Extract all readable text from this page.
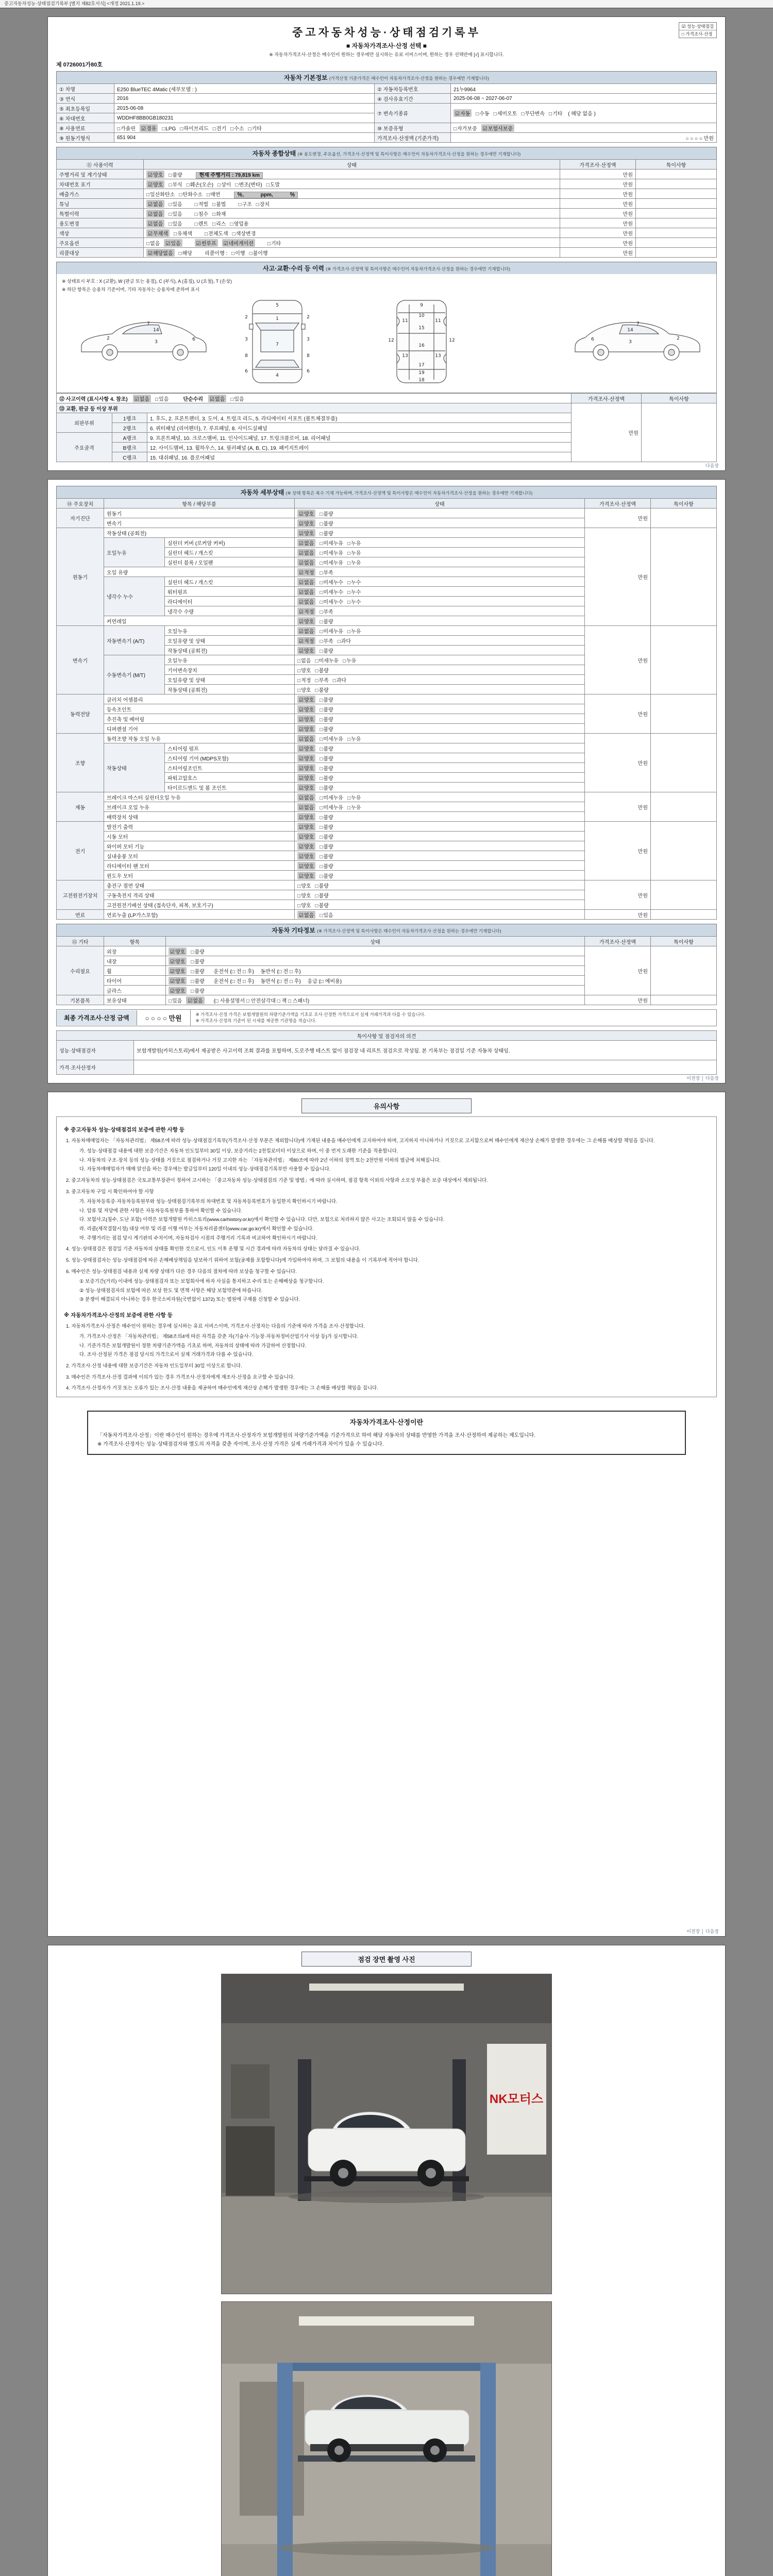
중고자동차성능·상태점검기록부 [별지 제82호서식] <개정 2021.1.19.>
☑ 성능·상태점검
□ 가격조사·산정
중고자동차성능·상태점검기록부
■ 자동차가격조사·산정 선택 ■
※ 자동차가격조사·산정은 매수인이 원하는 경우에만 실시하는 유료 서비스이며, 원하는 경우 선택란에 [√] 표시합니다.
제 0726001가80호
자동차 기본정보 (가격산정 기준가격은 매수인이 자동차가격조사·산정을 원하는 경우에만 기재합니다)
① 차명	E250 BlueTEC 4Matic (세부모델 : )	② 자동차등록번호	21누9964
③ 연식	2016	④ 검사유효기간	2025-06-08 ~ 2027-06-07
⑤ 최초등록일	2015-06-08	⑦ 변속기종류	☑자동 □수동 □세미오토 □무단변속 □기타 ( 해당 없음 )
⑥ 차대번호	WDDHF8BB0GB180231		
⑧ 사용연료	□가솔린 ☑경유 □LPG □하이브리드 □전기 □수소 □기타	⑩ 보증유형	□자가보증 ☑보험사보증
⑨ 원동기형식	651 904	가격조사·산정액 (기준가격)	○ ○ ○ ○ 만원
자동차 종합상태 (※ 용도변경, 주요옵션, 가격조사·산정액 및 특이사항은 매수인이 자동차가격조사·산정을 원하는 경우에만 기재합니다)
⑪ 사용이력	상태	가격조사·산정액	특이사항
주행거리 및 계기상태	☑양호 □불량 현재 주행거리 : 79,819 km	만원	
차대번호 표기	☑양호 □부식 □훼손(오손) □상이 □변조(변타) □도말	만원	
배출가스	□일산화탄소 □탄화수소 □매연 ％,　　　 ppm,　　　 ％	만원	
튜닝	☑없음 □있음 □적법 □불법 □구조 □장치	만원	
특별이력	☑없음 □있음 □침수 □화재	만원	
용도변경	☑없음 □있음 □렌트 □리스 □영업용	만원	
색상	☑무채색 □유채색 □전체도색 □색상변경	만원	
주요옵션	□없음 ☑있음 ☑썬루프 ☑네비게이션 □기타	만원	
리콜대상	☑해당없음 □해당 리콜이행 : □이행 □불이행	만원	
사고·교환·수리 등 이력 (※ 가격조사·산정액 및 특이사항은 매수인이 자동차가격조사·산정을 원하는 경우에만 기재합니다)
※ 상태표시 부호 : X (교환), W (판금 또는 용접), C (부식), A (흠집), U (요철), T (손상)
※ 하단 항목은 승용차 기준이며, 기타 자동차는 승용차에 준하여 표시
7
2
3	6
14
5
1
2	2
3	3
7
8	8
6	6
4
9
10
11	11
15
12	12
16
13	13
17
19
18
7
2
3
6
14
⑫ 사고이력 (표시사항 4. 참조)　 ☑없음 □있음　　 단순수리　 ☑없음 □있음			가격조사·산정액	특이사항
⑬ 교환, 판금 등 이상 부위			만원	
외판부위	1랭크	1. 후드, 2. 프론트펜더, 3. 도어, 4. 트렁크 리드, 5. 라디에이터 서포트 (볼트체결부품)		
	2랭크	6. 쿼터패널 (리어펜더), 7. 루프패널, 8. 사이드실패널		
주요골격	A랭크	9. 프론트패널, 10. 크로스멤버, 11. 인사이드패널, 17. 트렁크플로어, 18. 리어패널		
	B랭크	12. 사이드멤버, 13. 휠하우스, 14. 필러패널 (A, B, C), 19. 패키지트레이		
	C랭크	15. 대쉬패널, 16. 플로어패널		
다음장
자동차 세부상태 (※ 상태 항목은 복수 기재 가능하며, 가격조사·산정액 및 특이사항은 매수인이 자동차가격조사·산정을 원하는 경우에만 기재합니다)
⑭ 주요장치	항목 / 해당부품		상태	가격조사·산정액	특이사항
자기진단	원동기		☑양호 □불량	만원	
	변속기		☑양호 □불량		
원동기	작동상태 (공회전)		☑양호 □불량	만원	
	오일누유	실린더 커버 (로커암 커버)	☑없음 □미세누유 □누유		
		실린더 헤드 / 개스킷	☑없음 □미세누유 □누유		
		실린더 블록 / 오일팬	☑없음 □미세누유 □누유		
	오일 유량		☑적정 □부족		
	냉각수 누수	실린더 헤드 / 개스킷	☑없음 □미세누수 □누수		
		워터펌프	☑없음 □미세누수 □누수		
		라디에이터	☑없음 □미세누수 □누수		
		냉각수 수량	☑적정 □부족		
	커먼레일		☑양호 □불량		
변속기	자동변속기 (A/T)	오일누유	☑없음 □미세누유 □누유	만원	
		오일유량 및 상태	☑적정 □부족 □과다		
		작동상태 (공회전)	☑양호 □불량		
	수동변속기 (M/T)	오일누유	□없음 □미세누유 □누유		
		기어변속장치	□양호 □불량		
		오일유량 및 상태	□적정 □부족 □과다		
		작동상태 (공회전)	□양호 □불량		
동력전달	클러치 어셈블리		☑양호 □불량	만원	
	등속조인트		☑양호 □불량		
	추진축 및 베어링		☑양호 □불량		
	디퍼렌셜 기어		☑양호 □불량		
조향	동력조향 작동 오일 누유		☑없음 □미세누유 □누유	만원	
	작동상태	스티어링 펌프	☑양호 □불량		
		스티어링 기어 (MDPS포함)	☑양호 □불량		
		스티어링조인트	☑양호 □불량		
		파워고압호스	☑양호 □불량		
		타이로드엔드 및 볼 조인트	☑양호 □불량		
제동	브레이크 마스터 실린더오일 누유		☑없음 □미세누유 □누유	만원	
	브레이크 오일 누유		☑없음 □미세누유 □누유		
	배력장치 상태		☑양호 □불량		
전기	발전기 출력		☑양호 □불량	만원	
	시동 모터		☑양호 □불량		
	와이퍼 모터 기능		☑양호 □불량		
	실내송풍 모터		☑양호 □불량		
	라디에이터 팬 모터		☑양호 □불량		
	윈도우 모터		☑양호 □불량		
고전원전기장치	충전구 절연 상태		□양호 □불량	만원	
	구동축전지 격리 상태		□양호 □불량		
	고전원전기배선 상태 (접속단자, 피복, 보호기구)		□양호 □불량		
연료	연료누출 (LP가스포함)		☑없음 □있음	만원	
자동차 기타정보 (※ 가격조사·산정액 및 특이사항은 매수인이 자동차가격조사·산정을 원하는 경우에만 기재합니다)
⑮ 기타	항목	상태	가격조사·산정액	특이사항
수리필요	외장	☑양호 □불량	만원	
	내장	☑양호 □불량		
	휠	☑양호 □불량　 운전석 (□ 전 □ 후)　 동반석 (□ 전 □ 후)		
	타이어	☑양호 □불량　 운전석 (□ 전 □ 후)　 동반석 (□ 전 □ 후)　 응급 (□ 예비용)		
	글라스	☑양호 □불량		
기본품목	보유상태	□있음 ☑없음　 (□ 사용설명서 □ 안전삼각대 □ 잭 □ 스패너)	만원	
최종 가격조사·산정 금액	○ ○ ○ ○ 만원
※ 가격조사·산정 가격은 보험개발원의 차량기준가액을 기초로 조사·산정한 가격으로서 실제 거래가격과 다를 수 있습니다.
※ 가격조사·산정의 기준이 된 시세를 제공한 기관명을 적습니다.
특이사항 및 점검자의 의견	
성능·상태점검자	보험개발원(카히스토리)에서 제공받은 사고이력 조회 결과를 포함하며, 도로주행 테스트 없이 점검장 내 리프트 점검으로 작성됨. 본 기록부는 점검일 기준 자동차 상태임.
가격·조사산정자	
이전장 │ 다음장
유의사항

※ 중고자동차 성능·상태점검의 보증에 관한 사항 등

1. 자동차매매업자는 「자동차관리법」 제58조에 따라 성능·상태점검기록부(가격조사·산정 부분은 제외합니다)에 기재된 내용을 매수인에게 고지하여야 하며, 고지하지 아니하거나 거짓으로 고지함으로써 매수인에게 재산상 손해가 발생한 경우에는 그 손해를 배상할 책임을 집니다.

가. 성능·상태점검 내용에 대한 보증기간은 자동차 인도일부터 30일 이상, 보증거리는 2천킬로미터 이상으로 하며, 이 중 먼저 도래한 기준을 적용합니다.

나. 자동차의 구조·장치 등의 성능·상태를 거짓으로 점검하거나 거짓 고지한 자는 「자동차관리법」 제80조에 따라 2년 이하의 징역 또는 2천만원 이하의 벌금에 처해집니다.

다. 자동차매매업자가 매매 알선을 하는 경우에는 발급일부터 120일 이내의 성능·상태점검기록부만 사용할 수 있습니다.

2. 중고자동차의 성능·상태점검은 국토교통부장관이 정하여 고시하는 「중고자동차 성능·상태점검의 기준 및 방법」에 따라 실시하며, 점검 항목 이외의 사항과 소모성 부품은 보증 대상에서 제외됩니다.

3. 중고자동차 구입 시 확인하여야 할 사항

가. 자동차등록증·자동차등록원부와 성능·상태점검기록부의 차대번호 및 자동차등록번호가 동일한지 확인하시기 바랍니다.

나. 압류 및 저당에 관한 사항은 자동차등록원부를 통하여 확인할 수 있습니다.

다. 보험사고(침수, 도난 포함) 이력은 보험개발원 카히스토리(www.carhistory.or.kr)에서 확인할 수 있습니다. 다만, 보험으로 처리하지 않은 사고는 조회되지 않을 수 있습니다.

라. 리콜(제작결함시정) 대상 여부 및 리콜 이행 여부는 자동차리콜센터(www.car.go.kr)에서 확인할 수 있습니다.

마. 주행거리는 점검 당시 계기판의 수치이며, 자동차검사 시점의 주행거리 기록과 비교하여 확인하시기 바랍니다.

4. 성능·상태점검은 점검일 기준 자동차의 상태를 확인한 것으로서, 인도 이후 운행 및 시간 경과에 따라 자동차의 상태는 달라질 수 있습니다.

5. 성능·상태점검자는 성능·상태점검에 따른 손해배상책임을 담보하기 위하여 보험(공제를 포함합니다)에 가입하여야 하며, 그 보험의 내용을 이 기록부에 적어야 합니다.

6. 매수인은 성능·상태점검 내용과 실제 차량 상태가 다른 경우 다음의 절차에 따라 보상을 청구할 수 있습니다.

① 보증기간(거리) 이내에 성능·상태점검자 또는 보험회사에 하자 사실을 통지하고 수리 또는 손해배상을 청구합니다.

② 성능·상태점검자의 보험에 따른 보상 한도 및 면책 사항은 해당 보험약관에 따릅니다.

③ 분쟁이 해결되지 아니하는 경우 한국소비자원(국번없이 1372) 또는 법원에 구제를 신청할 수 있습니다.

※ 자동차가격조사·산정의 보증에 관한 사항 등

1. 자동차가격조사·산정은 매수인이 원하는 경우에 실시하는 유료 서비스이며, 가격조사·산정자는 다음의 기준에 따라 가격을 조사·산정합니다.

가. 가격조사·산정은 「자동차관리법」 제58조의4에 따른 자격을 갖춘 자(기술사·기능장·자동차정비산업기사 이상 등)가 실시합니다.

나. 기준가격은 보험개발원이 정한 차량기준가액을 기초로 하며, 자동차의 상태에 따라 가감하여 산정합니다.

다. 조사·산정된 가격은 점검 당시의 가격으로서 실제 거래가격과 다를 수 있습니다.

2. 가격조사·산정 내용에 대한 보증기간은 자동차 인도일부터 30일 이상으로 합니다.

3. 매수인은 가격조사·산정 결과에 이의가 있는 경우 가격조사·산정자에게 재조사·산정을 요구할 수 있습니다.

4. 가격조사·산정자가 거짓 또는 오류가 있는 조사·산정 내용을 제공하여 매수인에게 재산상 손해가 발생한 경우에는 그 손해를 배상할 책임을 집니다.

자동차가격조사·산정이란
「자동차가격조사·산정」이란 매수인이 원하는 경우에 가격조사·산정자가 보험개발원의 차량기준가액을 기준가격으로 하여 해당 자동차의 상태를 반영한 가격을 조사·산정하여 제공하는 제도입니다.
※ 가격조사·산정자는 성능·상태점검자와 별도의 자격을 갖춘 자이며, 조사·산정 가격은 실제 거래가격과 차이가 있을 수 있습니다.
이전장 │ 다음장
점검 장면 촬영 사진
NK모터스
